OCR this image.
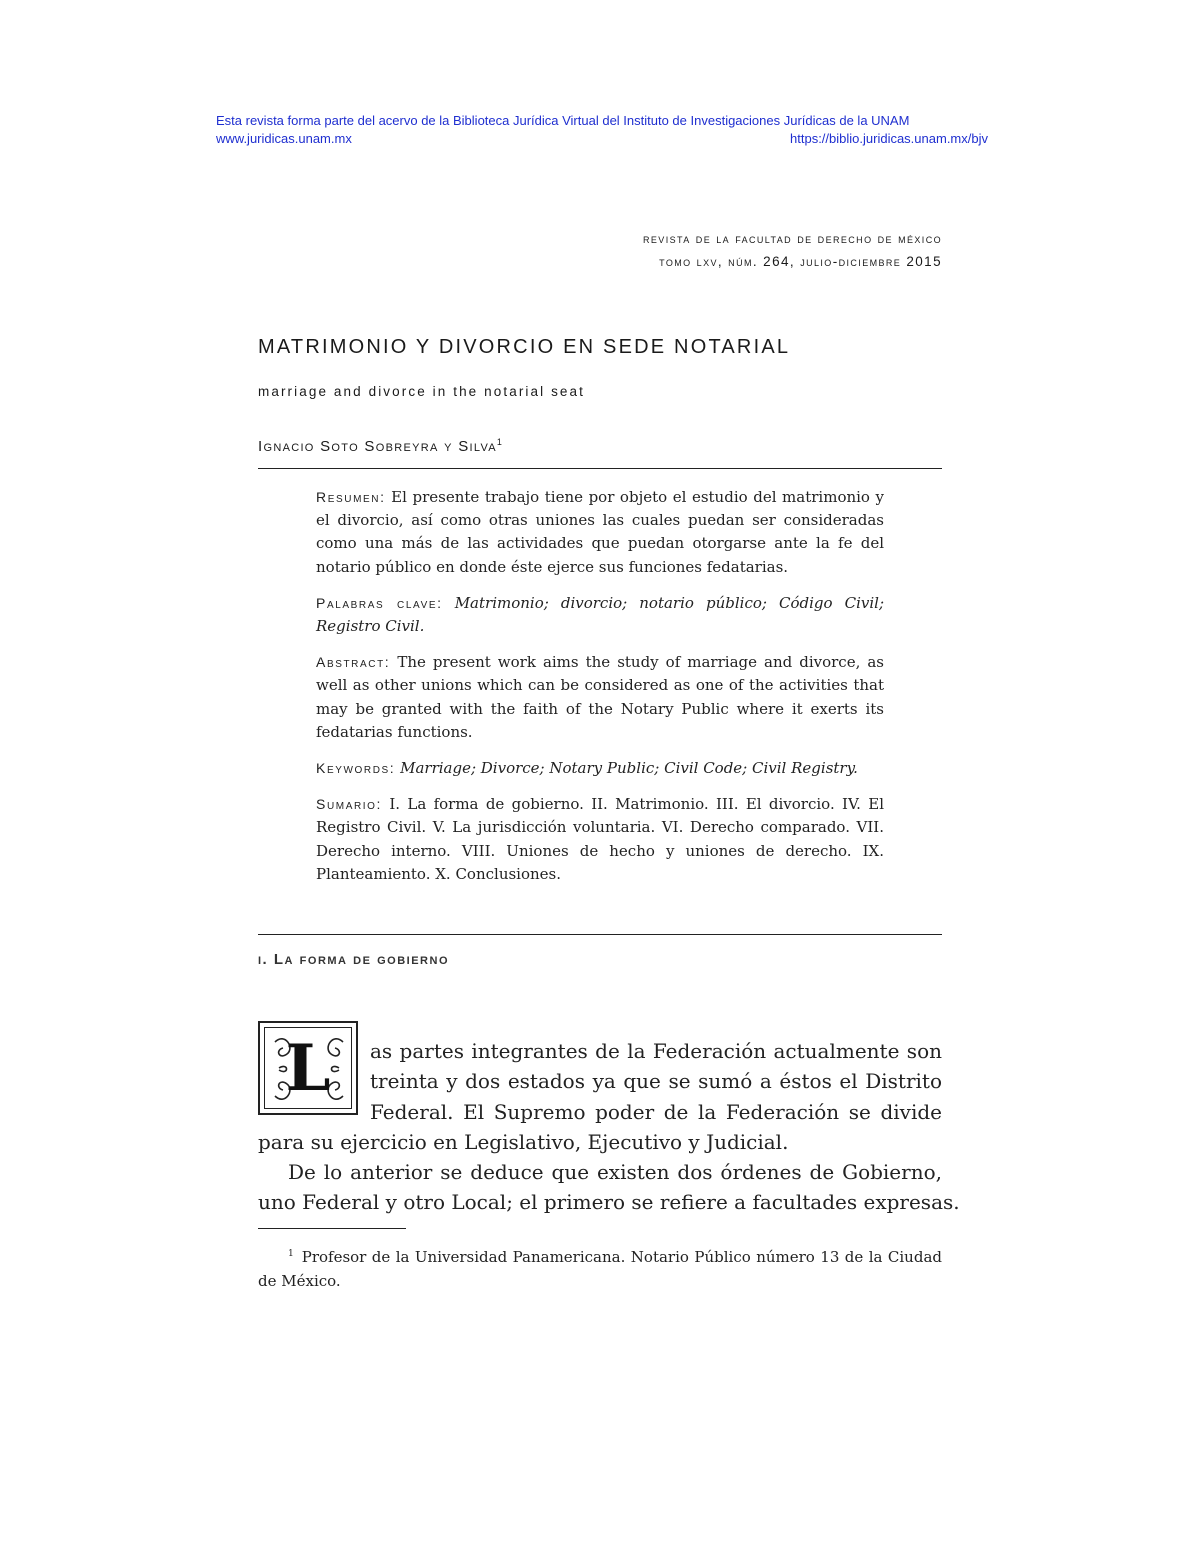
Esta revista forma parte del acervo de la Biblioteca Jurídica Virtual del Instituto de Investigaciones Jurídicas de la UNAM
www.juridicas.unam.mx	https://biblio.juridicas.unam.mx/bjv
revista de la facultad de derecho de méxico
tomo lxv, núm. 264, julio-diciembre 2015
MATRIMONIO Y DIVORCIO EN SEDE NOTARIAL
marriage and divorce in the notarial seat
Ignacio Soto Sobreyra y Silva$^1$

Resumen: El presente trabajo tiene por objeto el estudio del matrimonio y el divorcio, así como otras uniones las cuales puedan ser consideradas como una más de las actividades que puedan otorgarse ante la fe del notario público en donde éste ejerce sus funciones fedatarias.

Palabras clave: Matrimonio; divorcio; notario público; Código Civil; Registro Civil.

Abstract: The present work aims the study of marriage and divorce, as well as other unions which can be considered as one of the activities that may be granted with the faith of the Notary Public where it exerts its fedatarias functions.

Keywords: Marriage; Divorce; Notary Public; Civil Code; Civil Registry.

Sumario: I. La forma de gobierno. II. Matrimonio. III. El divorcio. IV. El Registro Civil. V. La jurisdicción voluntaria. VI. Derecho comparado. VII. Derecho interno. VIII. Uniones de hecho y uniones de derecho. IX. Planteamiento. X. Conclusiones.

i. La forma de gobierno
L	as partes integrantes de la Federación actualmente son
treinta y dos estados ya que se sumó a éstos el Distrito
Federal. El Supremo poder de la Federación se divide
para su ejercicio en Legislativo, Ejecutivo y Judicial.
De lo anterior se deduce que existen dos órdenes de Gobierno,
uno Federal y otro Local; el primero se refiere a facultades expresas.
$^1$ Profesor de la Universidad Panamericana. Notario Público número 13 de la Ciudad de México.
